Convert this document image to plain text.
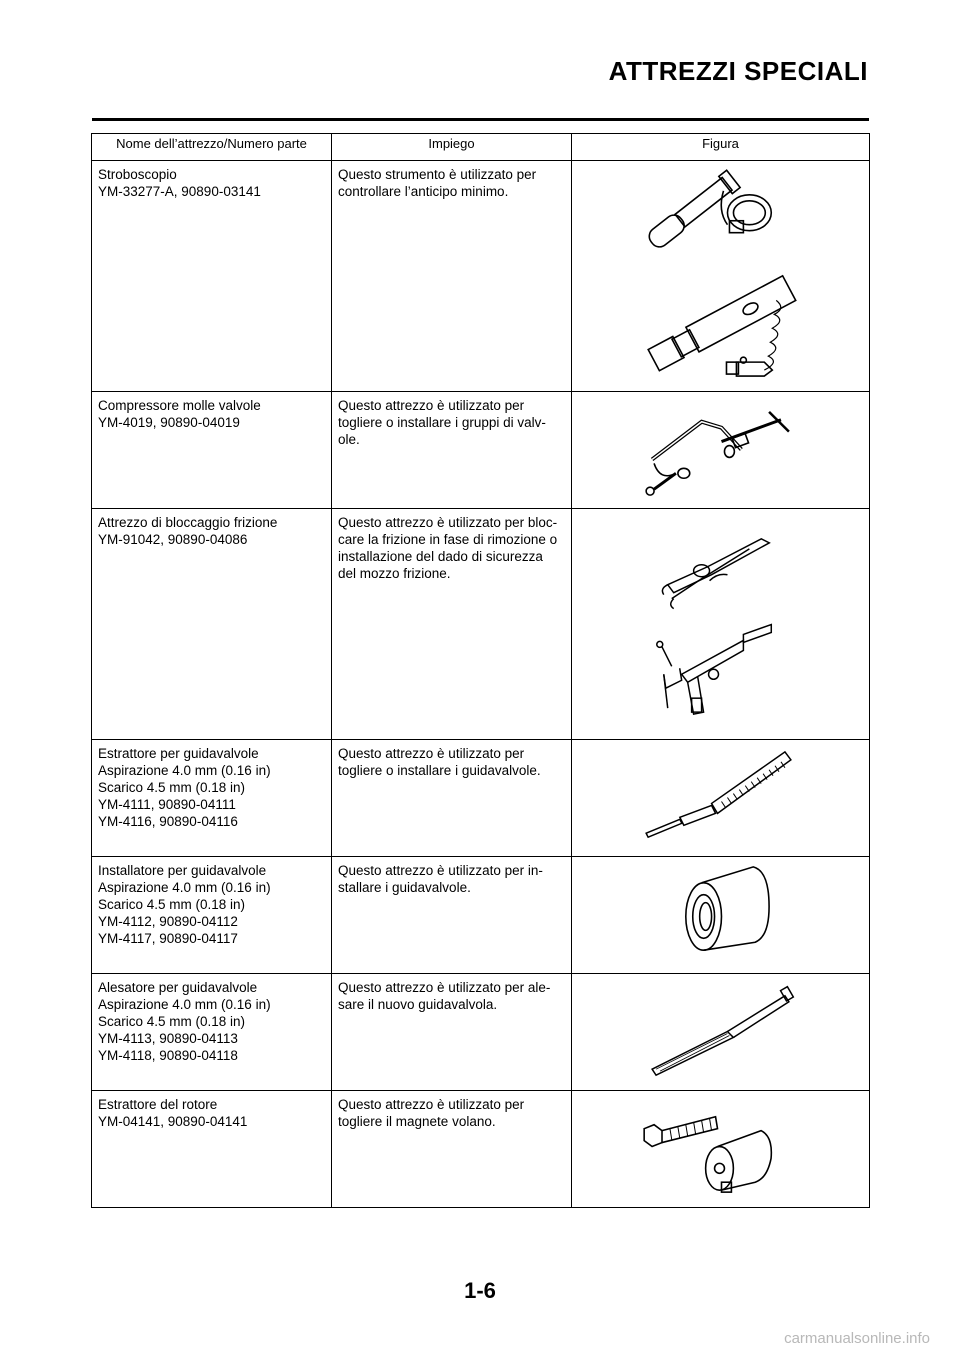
ATTREZZI SPECIALI
Nome dell’attrezzo/Numero parte	Impiego	Figura

Stroboscopio
YM-33277-A, 90890-03141	Questo strumento è utilizzato per
controllare l’anticipo minimo.

Compressore molle valvole
YM-4019, 90890-04019	Questo attrezzo è utilizzato per
togliere o installare i gruppi di valv-
ole.

Attrezzo di bloccaggio frizione
YM-91042, 90890-04086	Questo attrezzo è utilizzato per bloc-
care la frizione in fase di rimozione o
installazione del dado di sicurezza
del mozzo frizione.

Estrattore per guidavalvole
Aspirazione 4.0 mm (0.16 in)
Scarico 4.5 mm (0.18 in)
YM-4111, 90890-04111
YM-4116, 90890-04116	Questo attrezzo è utilizzato per
togliere o installare i guidavalvole.

Installatore per guidavalvole
Aspirazione 4.0 mm (0.16 in)
Scarico 4.5 mm (0.18 in)
YM-4112, 90890-04112
YM-4117, 90890-04117	Questo attrezzo è utilizzato per in-
stallare i guidavalvole.

Alesatore per guidavalvole
Aspirazione 4.0 mm (0.16 in)
Scarico 4.5 mm (0.18 in)
YM-4113, 90890-04113
YM-4118, 90890-04118	Questo attrezzo è utilizzato per ale-
sare il nuovo guidavalvola.

Estrattore del rotore
YM-04141, 90890-04141	Questo attrezzo è utilizzato per
togliere il magnete volano.

1-6
carmanualsonline.info
